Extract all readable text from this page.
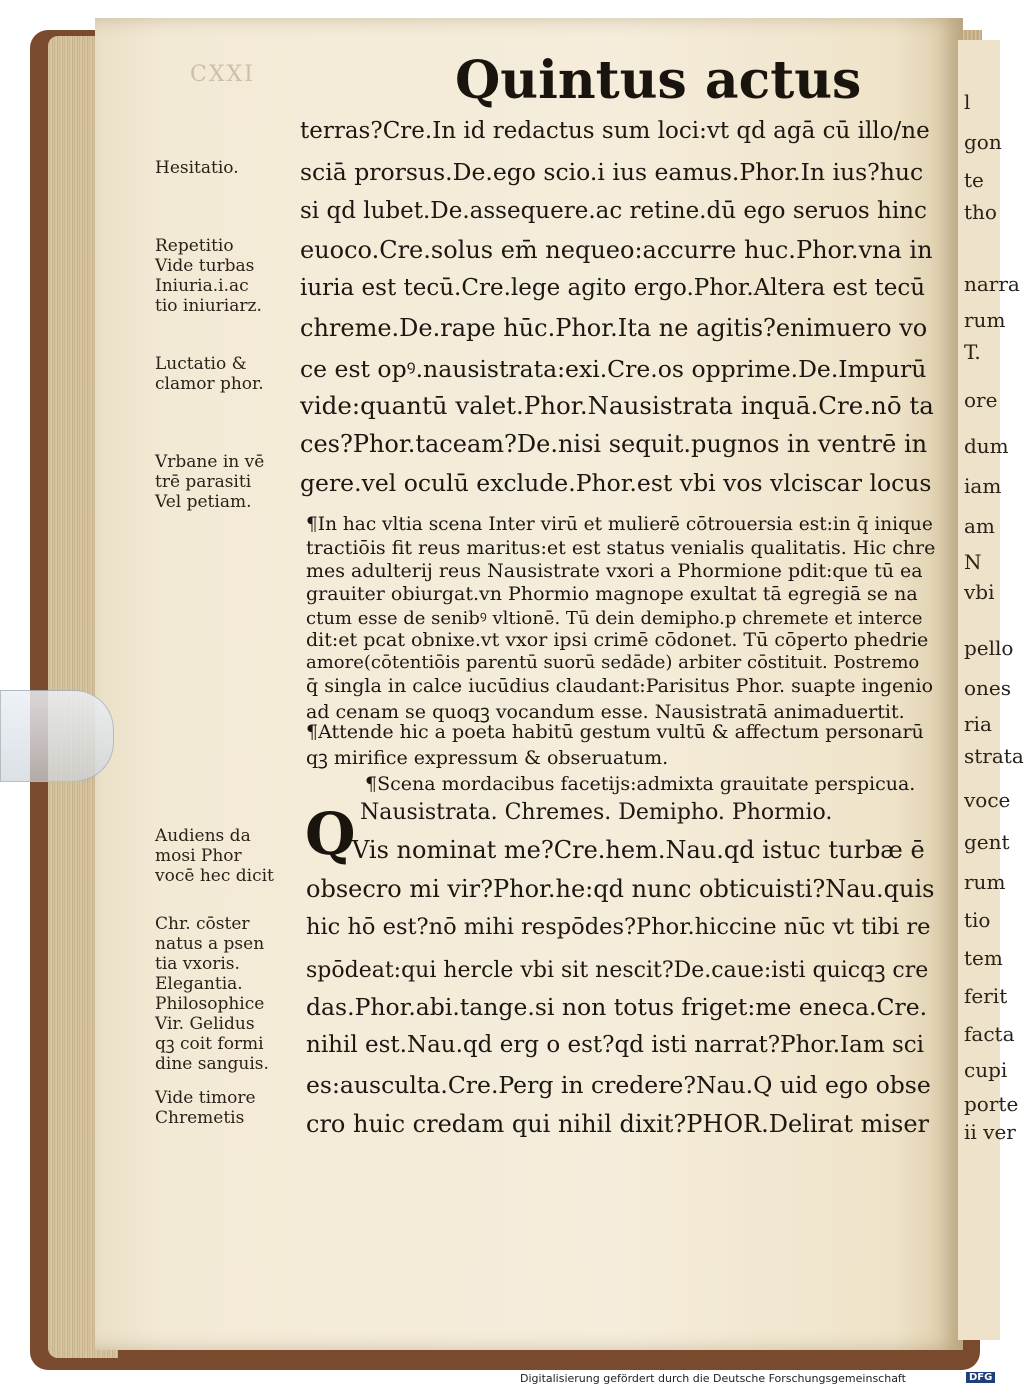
l
gon
te
tho
narra
rum
T.
ore
dum
iam
am
N
vbi
pello
ones
ria
strata
voce
gent
rum
tio
tem
ferit
facta
cupi
porte
ii ver
CXXI	Quintus actus
Hesitatio.
Repetitio
Vide turbas
Iniuria.i.ac
tio iniuriarz.
Luctatio &
clamor phor.
Vrbane in vē
trē parasiti
Vel petiam.
Audiens da
mosi Phor
vocē hec dicit
Chr. cōster
natus a psen
tia vxoris.
Elegantia.
Philosophice
Vir. Gelidus
qꝫ coit formi
dine sanguis.
Vide timore
Chremetis
terras?Cre.In id redactus sum loci:vt qd agā cū illo/ne
sciā prorsus.De.ego scio.i ius eamus.Phor.In ius?huc
si qd lubet.De.assequere.ac retine.dū ego seruos hinc
euoco.Cre.solus em̄ nequeo:accurre huc.Phor.vna in
iuria est tecū.Cre.lege agito ergo.Phor.Altera est tecū
chreme.De.rape hūc.Phor.Ita ne agitis?enimuero vo
ce est opꝰ.nausistrata:exi.Cre.os opprime.De.Impurū
vide:quantū valet.Phor.Nausistrata inquā.Cre.nō ta
ces?Phor.taceam?De.nisi sequit.pugnos in ventrē in
gere.vel oculū exclude.Phor.est vbi vos vlciscar locus
¶In hac vltia scena Inter virū et mulierē cōtrouersia est:in q̄ inique
tractiōis fit reus maritus:et est status venialis qualitatis. Hic chre
mes adulterij reus Nausistrate vxori a Phormione pdit:que tū ea
grauiter obiurgat.vn Phormio magnope exultat tā egregiā se na
ctum esse de senibꝰ vltionē. Tū dein demipho.p chremete et interce
dit:et pcat obnixe.vt vxor ipsi crimē cōdonet. Tū cōperto phedrie
amore(cōtentiōis parentū suorū sedāde) arbiter cōstituit. Postremo
q̄ singla in calce iucūdius claudant:Parisitus Phor. suapte ingenio
ad cenam se quoqꝫ vocandum esse. Nausistratā animaduertit.
¶Attende hic a poeta habitū gestum vultū & affectum personarū
qꝫ mirifice expressum & obseruatum.
¶Scena mordacibus facetijs:admixta grauitate perspicua.
Nausistrata. Chremes. Demipho. Phormio.
Q
Vis nominat me?Cre.hem.Nau.qd istuc turbæ ē
obsecro mi vir?Phor.he:qd nunc obticuisti?Nau.quis
hic hō est?nō mihi respōdes?Phor.hiccine nūc vt tibi re
spōdeat:qui hercle vbi sit nescit?De.caue:isti quicqꝫ cre
das.Phor.abi.tange.si non totus friget:me eneca.Cre.
nihil est.Nau.qd erg o est?qd isti narrat?Phor.Iam sci
es:ausculta.Cre.Perg in credere?Nau.Q uid ego obse
cro huic credam qui nihil dixit?PHOR.Delirat miser
Digitalisierung gefördert durch die Deutsche Forschungsgemeinschaft	DFG
